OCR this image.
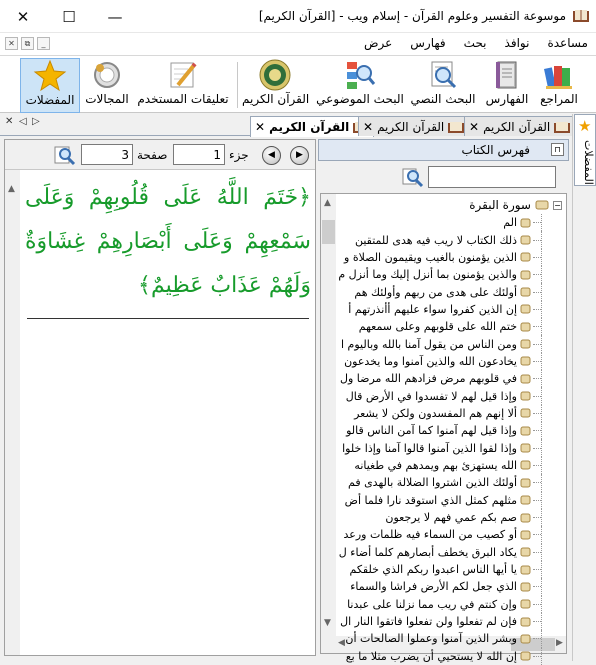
موسوعة التفسير وعلوم القرآن - إسلام ويب - [القرآن الكريم]
✕	☐	—
✕	⧉	_	عرض فهارس بحث نوافذ مساعدة
المراجع
الفهارس
البحث النصي
البحث الموضوعي
القرآن الكريم
تعليقات المستخدم
المجالات
المفضلات
✕ ◁ ▷	القرآن الكريم
✕	القرآن الكريم
✕	القرآن الكريم
✕	★
المفضلات
3
صفحة
1	جزء	◀	▶
▲	﴿خَتَمَ اللَّهُ عَلَى قُلُوبِهِمْ وَعَلَى سَمْعِهِمْ وَعَلَى أَبْصَارِهِمْ غِشَاوَةٌ وَلَهُمْ عَذَابٌ عَظِيمٌ﴾
فهرس الكتاب	⊓
▲
▼
◀	▶
−
سورة البقرة
الم
ذلك الكتاب لا ريب فيه هدى للمتقين
الذين يؤمنون بالغيب ويقيمون الصلاة و
والذين يؤمنون بما أنزل إليك وما أنزل م
أولئك على هدى من ربهم وأولئك هم
إن الذين كفروا سواء عليهم أأنذرتهم أ
ختم الله على قلوبهم وعلى سمعهم
ومن الناس من يقول آمنا بالله وباليوم ا
يخادعون الله والذين آمنوا وما يخدعون
في قلوبهم مرض فزادهم الله مرضا ول
وإذا قيل لهم لا تفسدوا في الأرض قال
ألا إنهم هم المفسدون ولكن لا يشعر
وإذا قيل لهم آمنوا كما آمن الناس قالو
وإذا لقوا الذين آمنوا قالوا آمنا وإذا خلوا
الله يستهزئ بهم ويمدهم في طغيانه
أولئك الذين اشتروا الضلالة بالهدى فم
مثلهم كمثل الذي استوقد نارا فلما أض
صم بكم عمي فهم لا يرجعون
أو كصيب من السماء فيه ظلمات ورعد
يكاد البرق يخطف أبصارهم كلما أضاء ل
يا أيها الناس اعبدوا ربكم الذي خلقكم
الذي جعل لكم الأرض فراشا والسماء
وإن كنتم في ريب مما نزلنا على عبدنا
فإن لم تفعلوا ولن تفعلوا فاتقوا النار ال
وبشر الذين آمنوا وعملوا الصالحات أن
إن الله لا يستحيي أن يضرب مثلا ما بع
